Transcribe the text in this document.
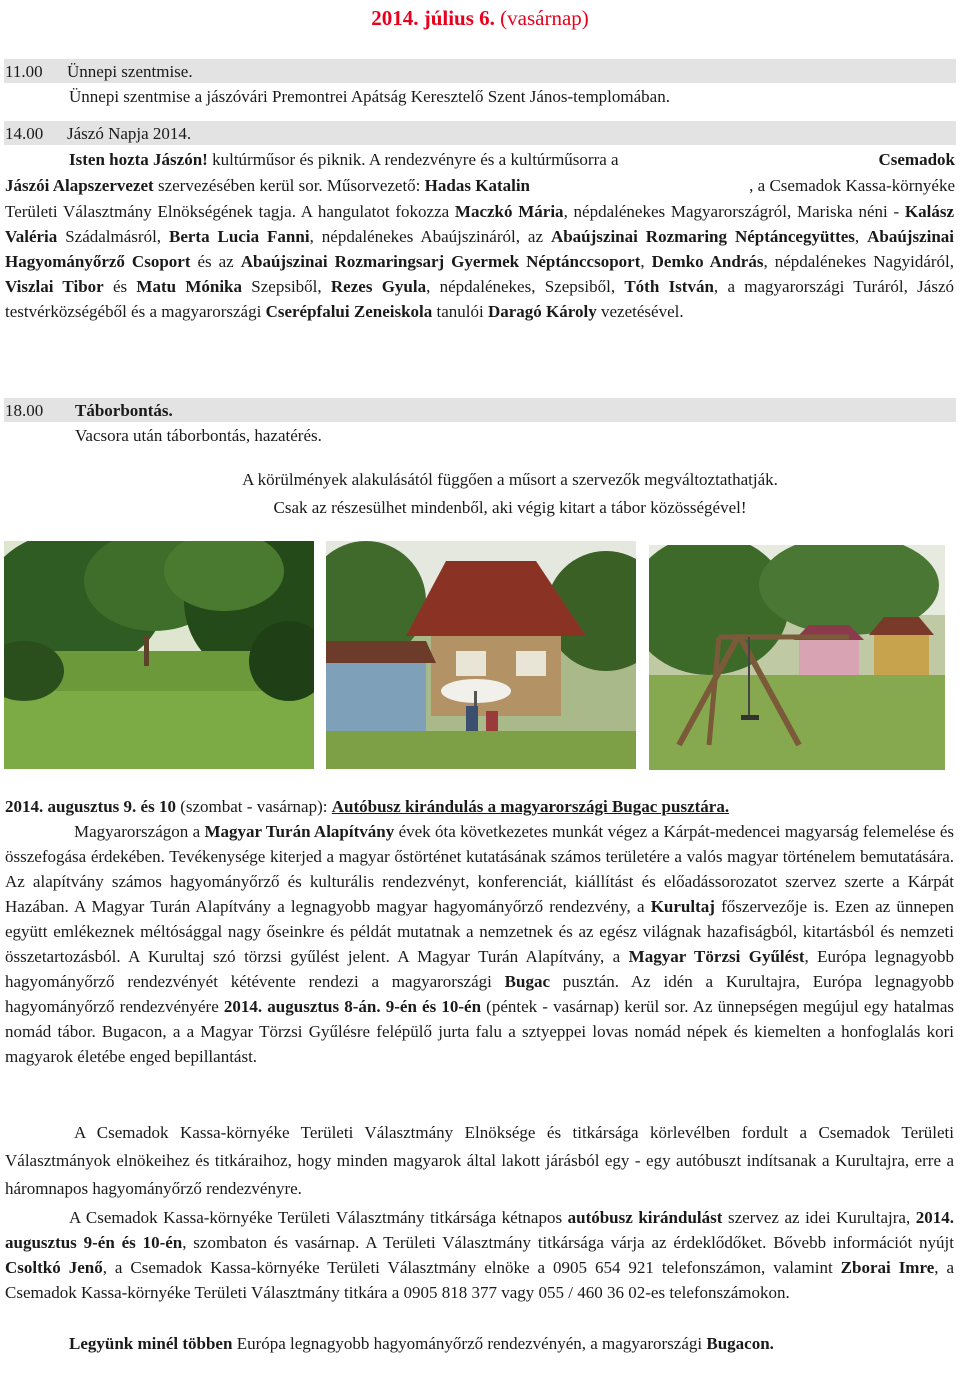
2014. július 6. (vasárnap)
11.00 Ünnepi szentmise.
Ünnepi szentmise a jászóvári Premontrei Apátság Keresztelő Szent János-templomában.
14.00 Jászó Napja 2014.
Isten hozta Jászón! kultúrműsor és piknik. A rendezvényre és a kultúrműsorra a	Csemadok
Jászói Alapszervezet szervezésében kerül sor. Műsorvezető: Hadas Katalin	, a Csemadok Kassa-környéke

Területi Választmány Elnökségének tagja. A hangulatot fokozza Maczkó Mária, népdalénekes Magyarországról, Mariska néni - Kalász Valéria Szádalmásról, Berta Lucia Fanni, népdalénekes Abaújszináról, az Abaújszinai Rozmaring Néptáncegyüttes, Abaújszinai Hagyományőrző Csoport és az Abaújszinai Rozmaringsarj Gyermek Néptánccsoport, Demko András, népdalénekes Nagyidáról, Viszlai Tibor és Matu Mónika Szepsiből, Rezes Gyula, népdalénekes, Szepsiből, Tóth István, a magyarországi Turáról, Jászó testvérközségéből és a magyarországi Cserépfalui Zeneiskola tanulói Daragó Károly vezetésével.

18.00 Táborbontás.
Vacsora után táborbontás, hazatérés.
A körülmények alakulásától függően a műsort a szervezők megváltoztathatják.
Csak az részesülhet mindenből, aki végig kitart a tábor közösségével!

2014. augusztus 9. és 10 (szombat - vasárnap): Autóbusz kirándulás a magyarországi Bugac pusztára.

Magyarországon a Magyar Turán Alapítvány évek óta következetes munkát végez a Kárpát-medencei magyarság felemelése és összefogása érdekében. Tevékenysége kiterjed a magyar őstörténet kutatásának számos területére a valós magyar történelem bemutatására. Az alapítvány számos hagyományőrző és kulturális rendezvényt, konferenciát, kiállítást és előadássorozatot szervez szerte a Kárpát Hazában. A Magyar Turán Alapítvány a legnagyobb magyar hagyományőrző rendezvény, a Kurultaj főszervezője is. Ezen az ünnepen együtt emlékeznek méltósággal nagy őseinkre és példát mutatnak a nemzetnek és az egész világnak hazafiságból, kitartásból és nemzeti összetartozásból. A Kurultaj szó törzsi gyűlést jelent. A Magyar Turán Alapítvány, a Magyar Törzsi Gyűlést, Európa legnagyobb hagyományőrző rendezvényét kétévente rendezi a magyarországi Bugac pusztán. Az idén a Kurultajra, Európa legnagyobb hagyományőrző rendezvényére 2014. augusztus 8-án. 9-én és 10-én (péntek - vasárnap) kerül sor. Az ünnepségen megújul egy hatalmas nomád tábor. Bugacon, a a Magyar Törzsi Gyűlésre felépülő jurta falu a sztyeppei lovas nomád népek és kiemelten a honfoglalás kori magyarok életébe enged bepillantást.

A Csemadok Kassa-környéke Területi Választmány Elnöksége és titkársága körlevélben fordult a Csemadok Területi Választmányok elnökeihez és titkáraihoz, hogy minden magyarok által lakott járásból egy - egy autóbuszt indítsanak a Kurultajra, erre a háromnapos hagyományőrző rendezvényre.

A Csemadok Kassa-környéke Területi Választmány titkársága kétnapos autóbusz kirándulást szervez az idei Kurultajra, 2014. augusztus 9-én és 10-én, szombaton és vasárnap. A Területi Választmány titkársága várja az érdeklődőket. Bővebb információt nyújt Csoltkó Jenő, a Csemadok Kassa-környéke Területi Választmány elnöke a 0905 654 921 telefonszámon, valamint Zborai Imre, a Csemadok Kassa-környéke Területi Választmány titkára a 0905 818 377 vagy 055 / 460 36 02-es telefonszámokon.

Legyünk minél többen Európa legnagyobb hagyományőrző rendezvényén, a magyarországi Bugacon.
